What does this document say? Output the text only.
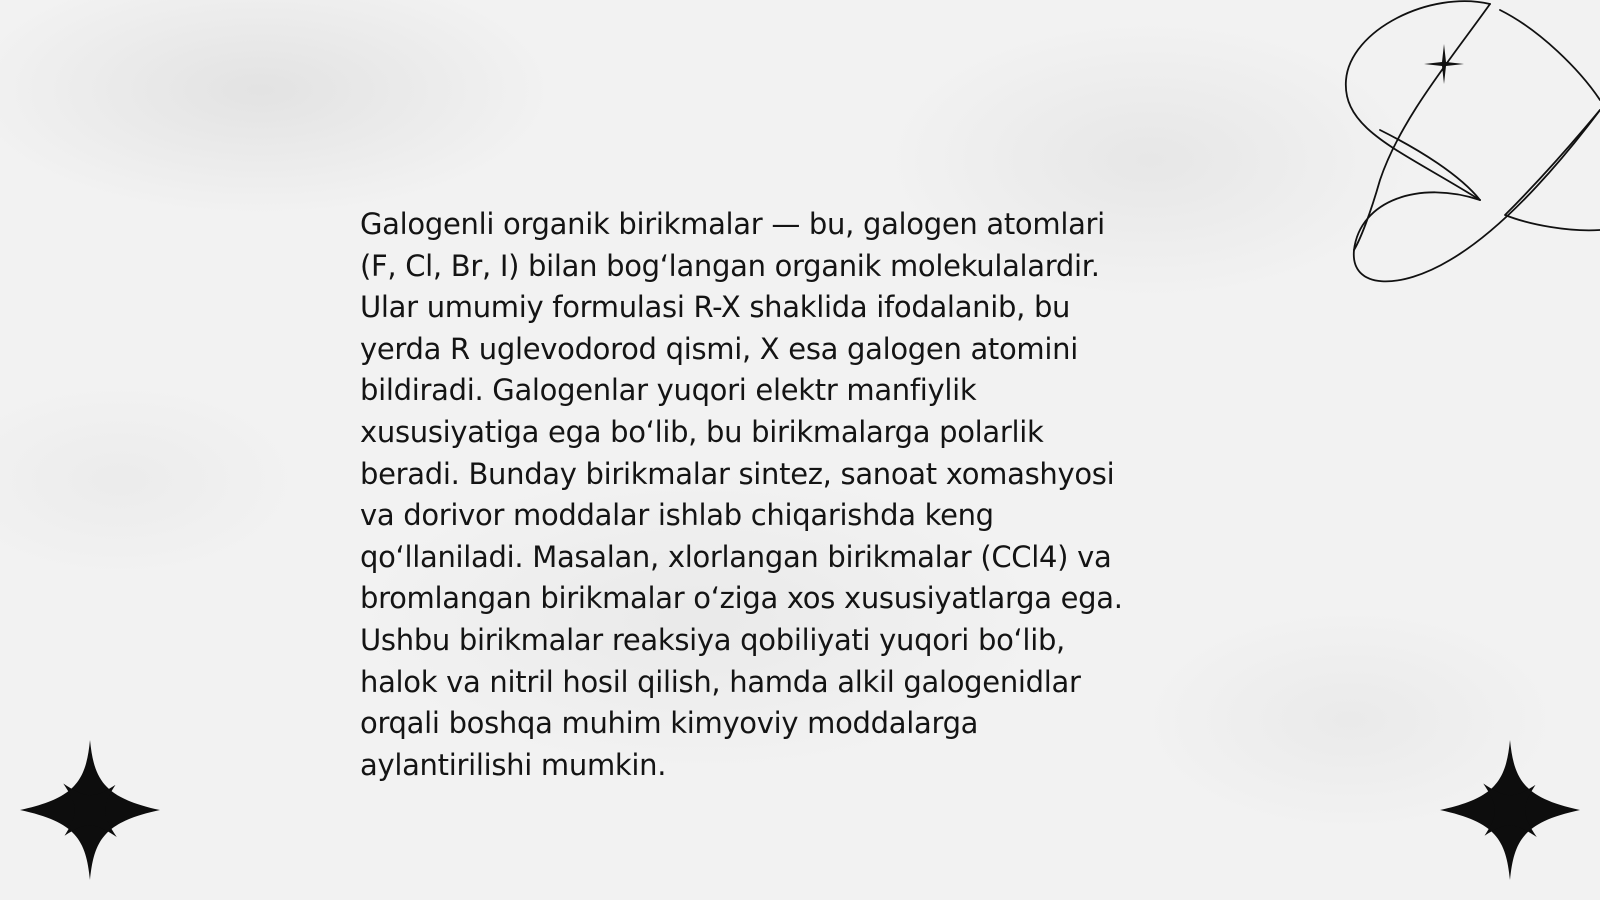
Galogenli organik birikmalar — bu, galogen atomlari
(F, Cl, Br, I) bilan bog‘langan organik molekulalardir.
Ular umumiy formulasi R-X shaklida ifodalanib, bu
yerda R uglevodorod qismi, X esa galogen atomini
bildiradi. Galogenlar yuqori elektr manfiylik
xususiyatiga ega bo‘lib, bu birikmalarga polarlik
beradi. Bunday birikmalar sintez, sanoat xomashyosi
va dorivor moddalar ishlab chiqarishda keng
qo‘llaniladi. Masalan, xlorlangan birikmalar (CCl4) va
bromlangan birikmalar o‘ziga xos xususiyatlarga ega.
Ushbu birikmalar reaksiya qobiliyati yuqori bo‘lib,
halok va nitril hosil qilish, hamda alkil galogenidlar
orqali boshqa muhim kimyoviy moddalarga
aylantirilishi mumkin.
